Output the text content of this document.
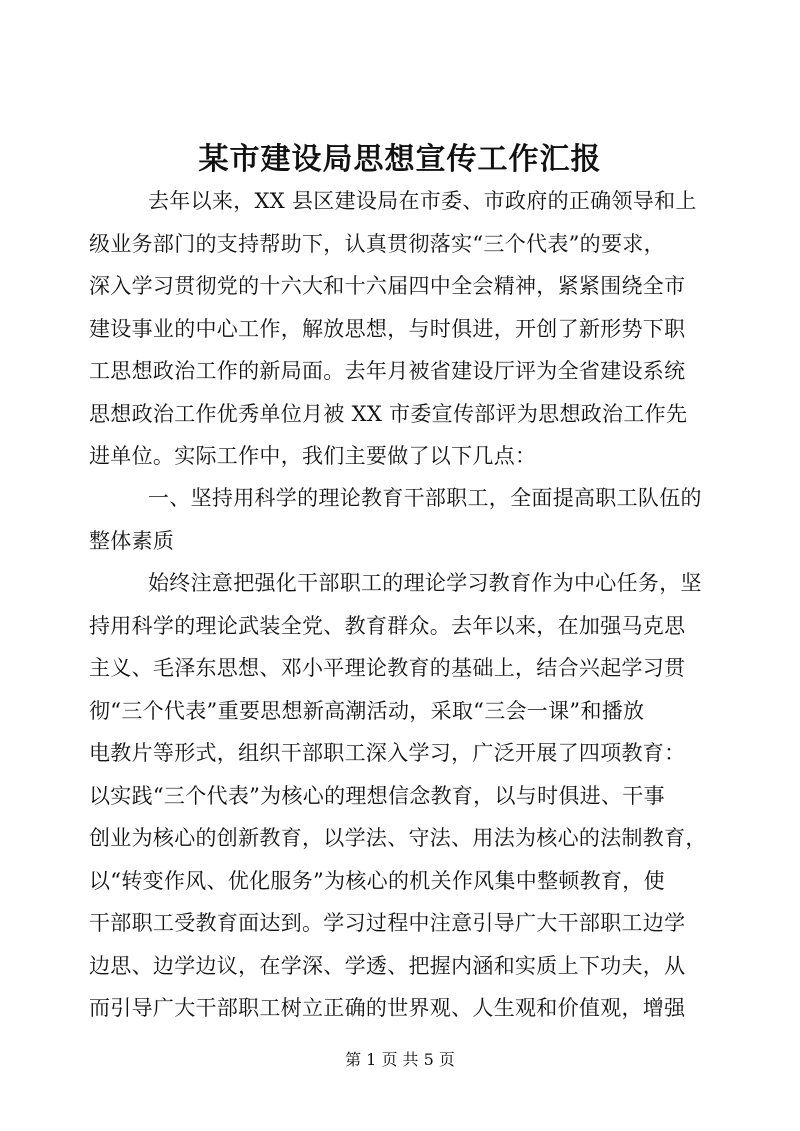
某市建设局思想宣传工作汇报
去年以来，XX 县区建设局在市委、市政府的正确领导和上
级业务部门的支持帮助下，认真贯彻落实“三个代表”的要求，
深入学习贯彻党的十六大和十六届四中全会精神，紧紧围绕全市
建设事业的中心工作，解放思想，与时俱进，开创了新形势下职
工思想政治工作的新局面。去年月被省建设厅评为全省建设系统
思想政治工作优秀单位月被 XX 市委宣传部评为思想政治工作先
进单位。实际工作中，我们主要做了以下几点：
一、坚持用科学的理论教育干部职工，全面提高职工队伍的
整体素质
始终注意把强化干部职工的理论学习教育作为中心任务，坚
持用科学的理论武装全党、教育群众。去年以来，在加强马克思
主义、毛泽东思想、邓小平理论教育的基础上，结合兴起学习贯
彻“三个代表”重要思想新高潮活动，采取“三会一课”和播放
电教片等形式，组织干部职工深入学习，广泛开展了四项教育：
以实践“三个代表”为核心的理想信念教育，以与时俱进、干事
创业为核心的创新教育，以学法、守法、用法为核心的法制教育，
以“转变作风、优化服务”为核心的机关作风集中整顿教育，使
干部职工受教育面达到。学习过程中注意引导广大干部职工边学
边思、边学边议，在学深、学透、把握内涵和实质上下功夫，从
而引导广大干部职工树立正确的世界观、人生观和价值观，增强
第 1 页 共 5 页
